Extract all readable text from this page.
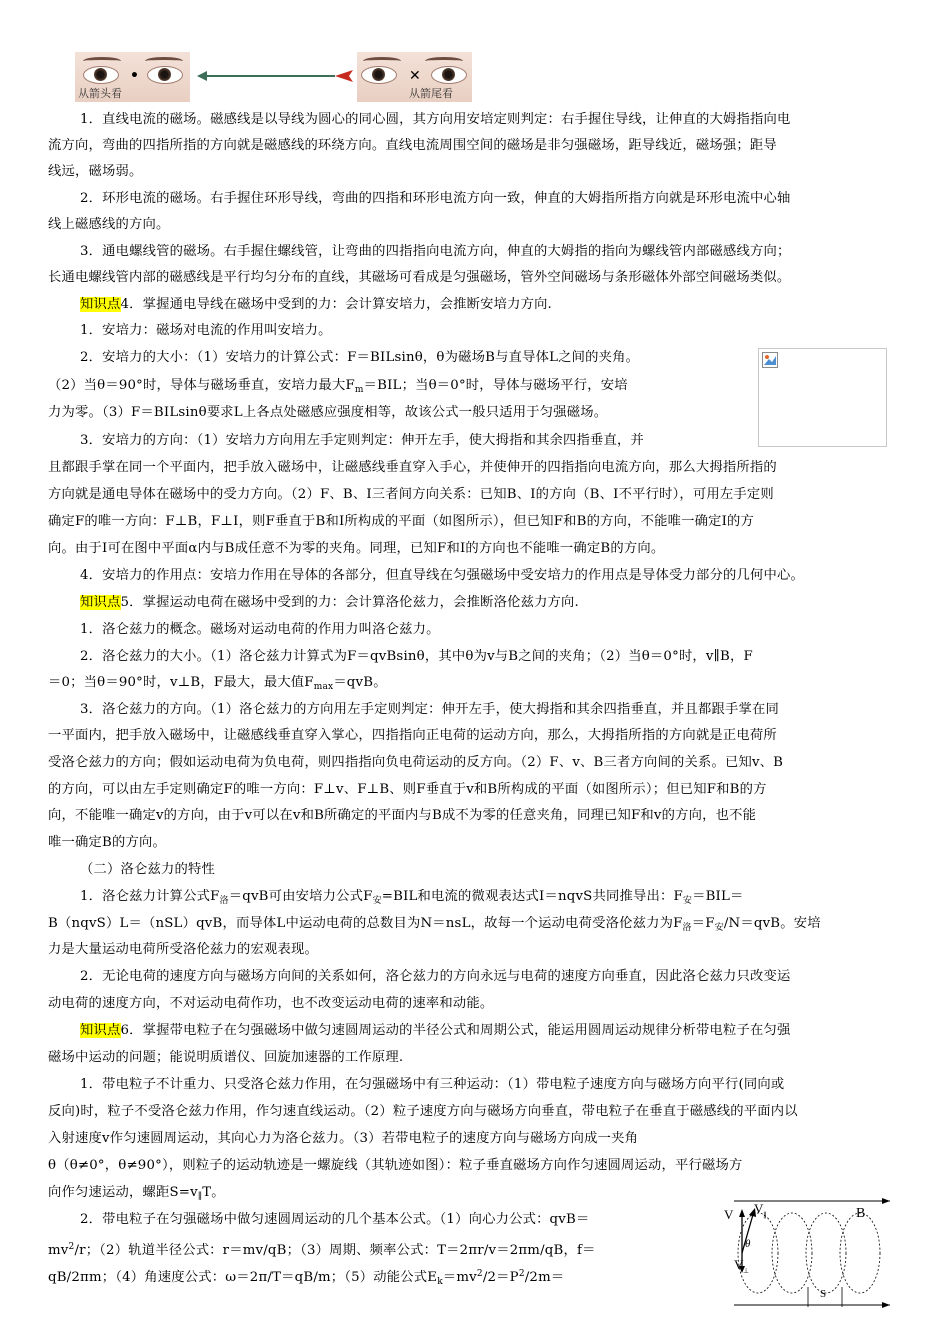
•
从箭头看
✕
从箭尾看
1．直线电流的磁场。磁感线是以导线为圆心的同心圆，其方向用安培定则判定：右手握住导线，让伸直的大姆指指向电
流方向，弯曲的四指所指的方向就是磁感线的环绕方向。直线电流周围空间的磁场是非匀强磁场，距导线近，磁场强；距导
线远，磁场弱。
2．环形电流的磁场。右手握住环形导线，弯曲的四指和环形电流方向一致，伸直的大姆指所指方向就是环形电流中心轴
线上磁感线的方向。
3．通电螺线管的磁场。右手握住螺线管，让弯曲的四指指向电流方向，伸直的大姆指的指向为螺线管内部磁感线方向；
长通电螺线管内部的磁感线是平行均匀分布的直线，其磁场可看成是匀强磁场，管外空间磁场与条形磁体外部空间磁场类似。
知识点4．掌握通电导线在磁场中受到的力：会计算安培力，会推断安培力方向.
1．安培力：磁场对电流的作用叫安培力。
2．安培力的大小：（1）安培力的计算公式：F＝BILsinθ，θ为磁场B与直导体L之间的夹角。
（2）当θ＝90°时，导体与磁场垂直，安培力最大$F_m=BIL$；当θ＝0°时，导体与磁场平行，安培
力为零。（3）F＝BILsinθ要求L上各点处磁感应强度相等，故该公式一般只适用于匀强磁场。
3．安培力的方向：（1）安培力方向用左手定则判定：伸开左手，使大拇指和其余四指垂直，并
且都跟手掌在同一个平面内，把手放入磁场中，让磁感线垂直穿入手心，并使伸开的四指指向电流方向，那么大拇指所指的
方向就是通电导体在磁场中的受力方向。（2）F、B、I三者间方向关系：已知B、I的方向（B、I不平行时），可用左手定则
确定F的唯一方向：F⊥B，F⊥I，则F垂直于B和I所构成的平面（如图所示），但已知F和B的方向，不能唯一确定I的方
向。由于I可在图中平面α内与B成任意不为零的夹角。同理，已知F和I的方向也不能唯一确定B的方向。
4．安培力的作用点：安培力作用在导体的各部分，但直导线在匀强磁场中受安培力的作用点是导体受力部分的几何中心。
知识点5．掌握运动电荷在磁场中受到的力：会计算洛伦兹力，会推断洛伦兹力方向.
1．洛仑兹力的概念。磁场对运动电荷的作用力叫洛仑兹力。
2．洛仑兹力的大小。（1）洛仑兹力计算式为F＝qvBsinθ，其中θ为v与B之间的夹角；（2）当θ＝0°时，v∥B，F
＝0；当θ＝90°时，v⊥B，F最大，最大值$F_{max}=qvB$。
3．洛仑兹力的方向。（1）洛仑兹力的方向用左手定则判定：伸开左手，使大拇指和其余四指垂直，并且都跟手掌在同
一平面内，把手放入磁场中，让磁感线垂直穿入掌心，四指指向正电荷的运动方向，那么，大拇指所指的方向就是正电荷所
受洛仑兹力的方向；假如运动电荷为负电荷，则四指指向负电荷运动的反方向。（2）F、v、B三者方向间的关系。已知v、B
的方向，可以由左手定则确定F的唯一方向：F⊥v、F⊥B、则F垂直于v和B所构成的平面（如图所示）；但已知F和B的方
向，不能唯一确定v的方向，由于v可以在v和B所确定的平面内与B成不为零的任意夹角，同理已知F和v的方向，也不能
唯一确定B的方向。
（二）洛仑兹力的特性
1．洛仑兹力计算公式$F_洛=qvB$可由安培力公式$F_安=BIL$和电流的微观表达式I＝nqvS共同推导出：$F_安=BIL=$
B（nqvS）L＝（nSL）qvB，而导体L中运动电荷的总数目为N＝nsL，故每一个运动电荷受洛伦兹力为$F_洛=F_安/N=qvB$。安培
力是大量运动电荷所受洛伦兹力的宏观表现。
2．无论电荷的速度方向与磁场方向间的关系如何，洛仑兹力的方向永远与电荷的速度方向垂直，因此洛仑兹力只改变运
动电荷的速度方向，不对运动电荷作功，也不改变运动电荷的速率和动能。
知识点6．掌握带电粒子在匀强磁场中做匀速圆周运动的半径公式和周期公式，能运用圆周运动规律分析带电粒子在匀强
磁场中运动的问题；能说明质谱仪、回旋加速器的工作原理.
1．带电粒子不计重力、只受洛仑兹力作用，在匀强磁场中有三种运动：（1）带电粒子速度方向与磁场方向平行(同向或
反向)时，粒子不受洛仑兹力作用，作匀速直线运动。（2）粒子速度方向与磁场方向垂直，带电粒子在垂直于磁感线的平面内以
入射速度v作匀速圆周运动，其向心力为洛仑兹力。（3）若带电粒子的速度方向与磁场方向成一夹角
θ（θ≠0°，θ≠90°），则粒子的运动轨迹是一螺旋线（其轨迹如图）：粒子垂直磁场方向作匀速圆周运动，平行磁场方
向作匀速运动，螺距$S=v_\parallel T$。
2．带电粒子在匀强磁场中做匀速圆周运动的几个基本公式。（1）向心力公式：qvB＝
$mv^2/r$；（2）轨道半径公式：r＝mv/qB；（3）周期、频率公式：T＝2πr/v＝2πm/qB，f＝
qB/2πm；（4）角速度公式：ω＝2π/T＝qB/m；（5）动能公式$E_k=mv^2/2=P^2/2m=$
V V ∥
V ⊥
B
θ
S
